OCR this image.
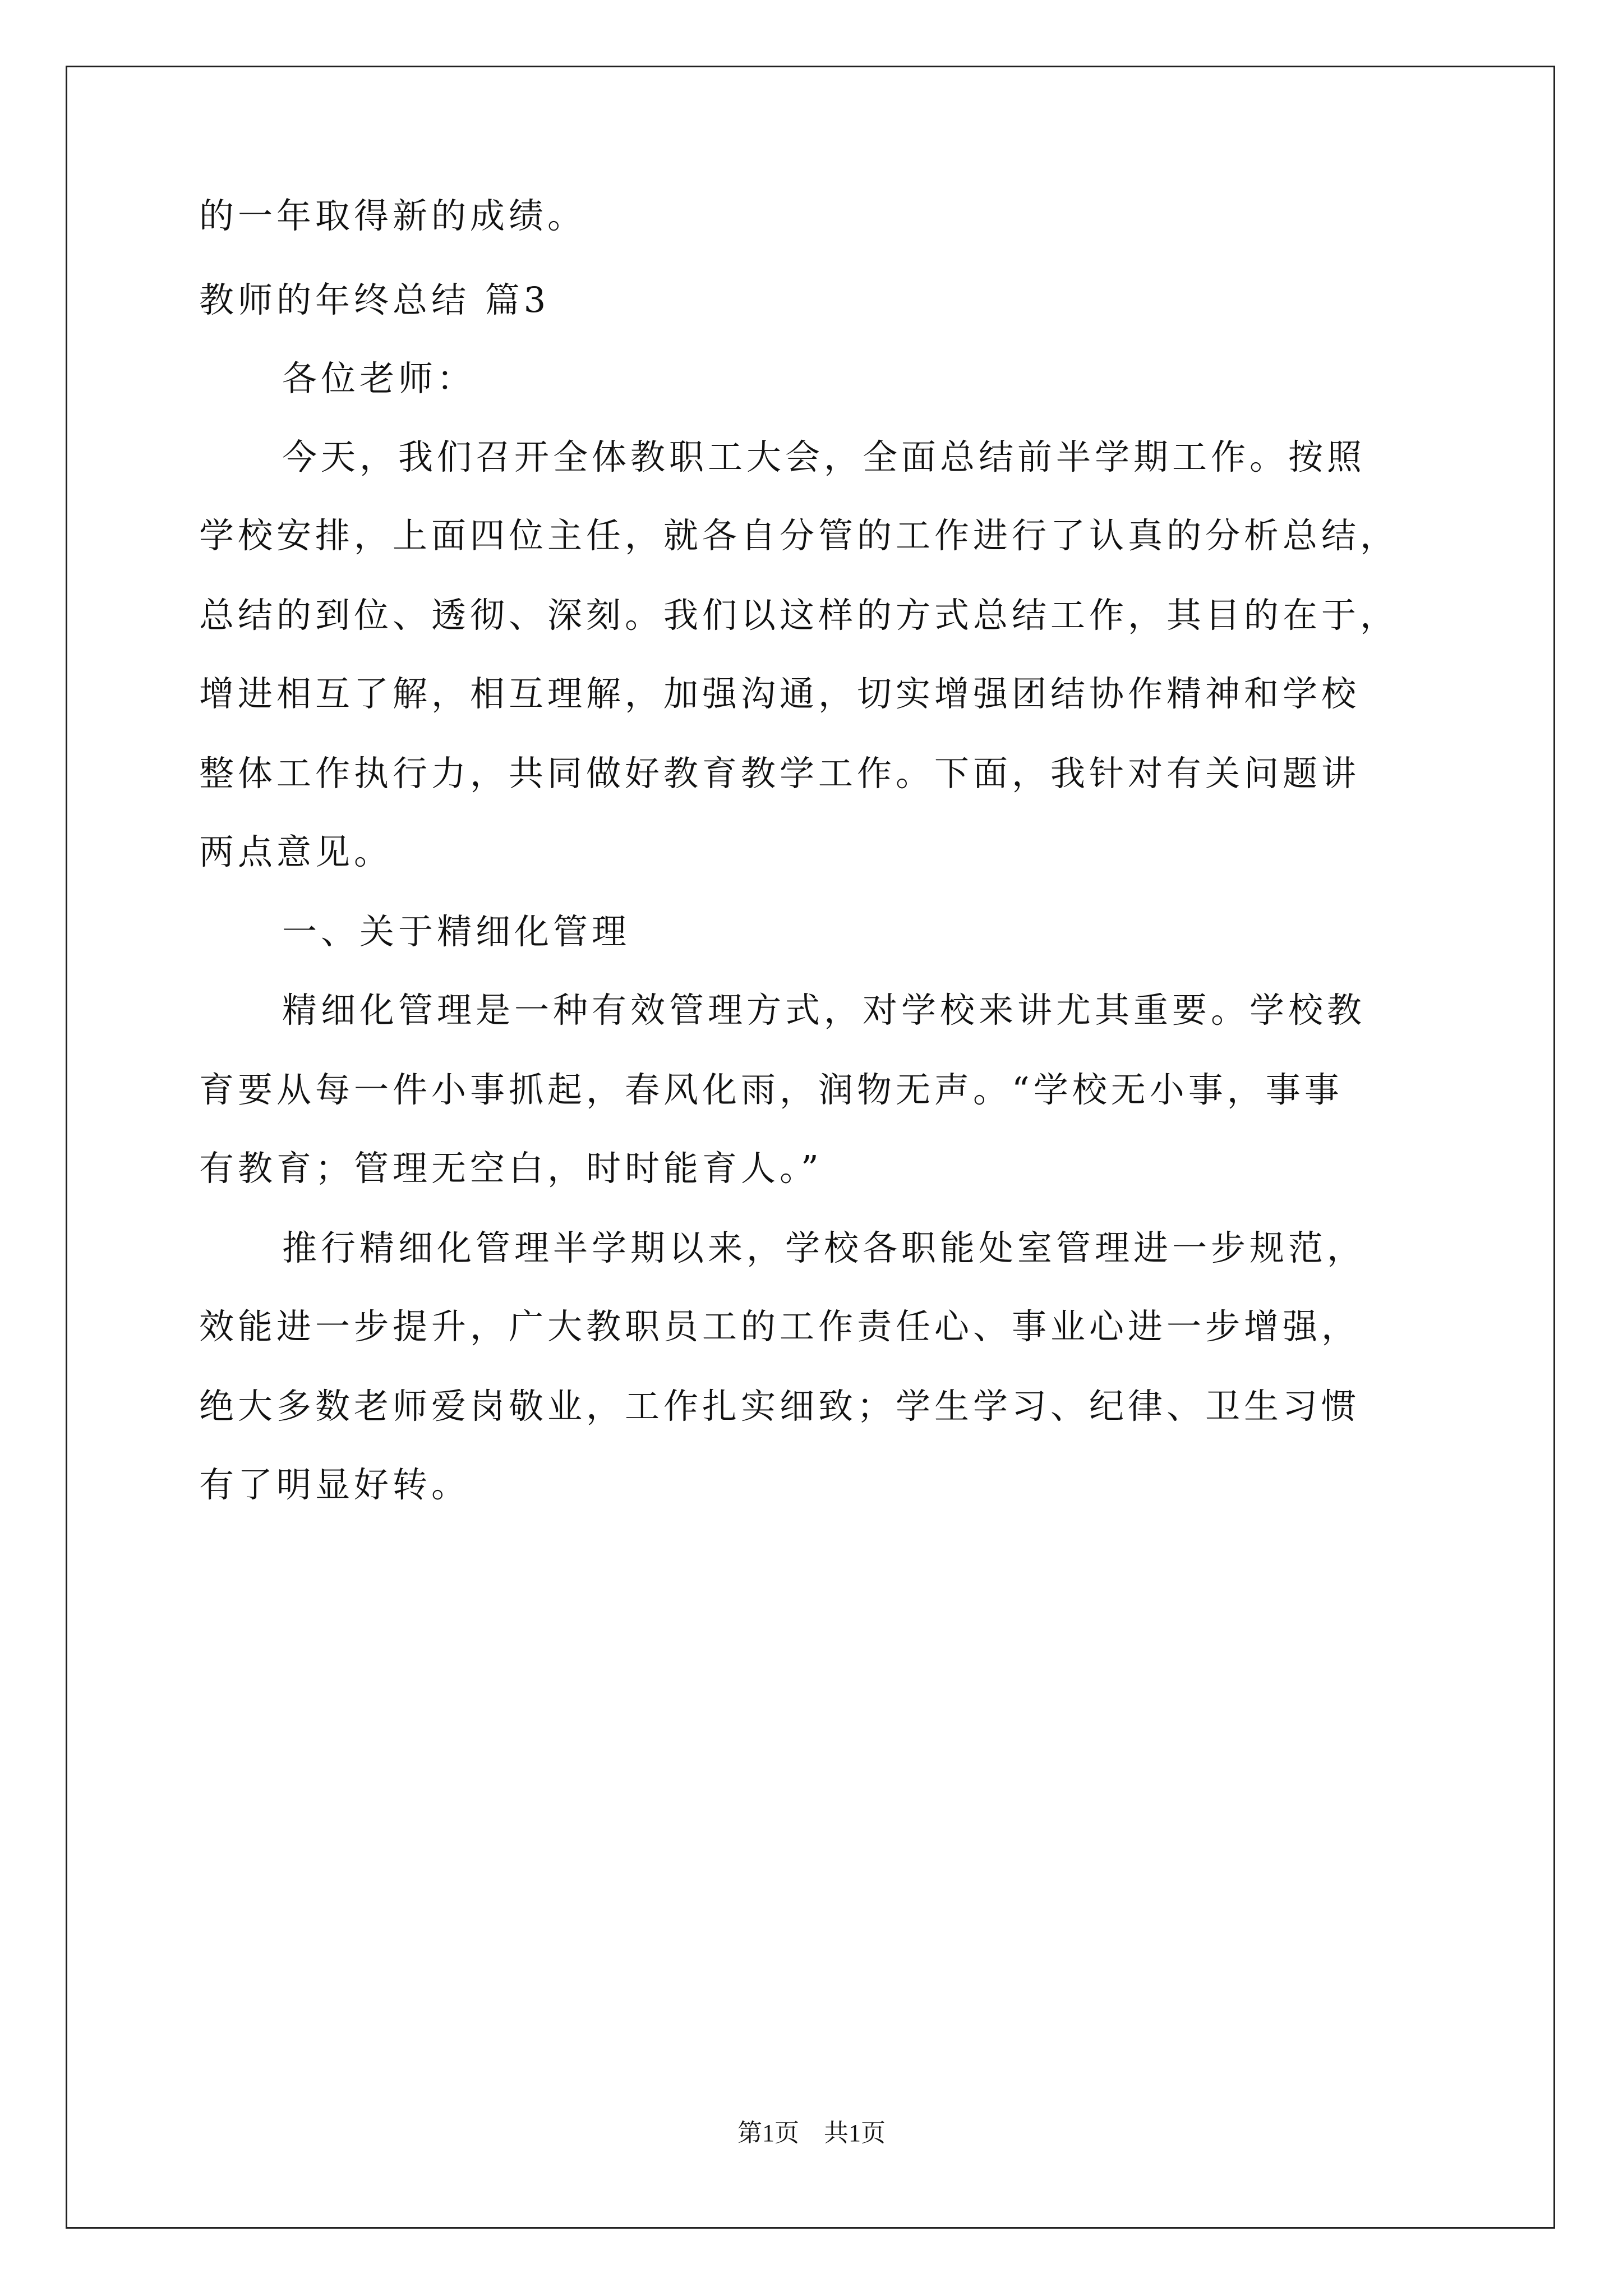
的一年取得新的成绩。
教师的年终总结 篇3
各位老师：
今天，我们召开全体教职工大会，全面总结前半学期工作。按照
学校安排，上面四位主任，就各自分管的工作进行了认真的分析总结，
总结的到位、透彻、深刻。我们以这样的方式总结工作，其目的在于，
增进相互了解，相互理解，加强沟通，切实增强团结协作精神和学校
整体工作执行力，共同做好教育教学工作。下面，我针对有关问题讲
两点意见。
一、关于精细化管理
精细化管理是一种有效管理方式，对学校来讲尤其重要。学校教
育要从每一件小事抓起，春风化雨，润物无声。“学校无小事，事事
有教育；管理无空白，时时能育人。”
推行精细化管理半学期以来，学校各职能处室管理进一步规范，
效能进一步提升，广大教职员工的工作责任心、事业心进一步增强，
绝大多数老师爱岗敬业，工作扎实细致；学生学习、纪律、卫生习惯
有了明显好转。
第1页　共1页
